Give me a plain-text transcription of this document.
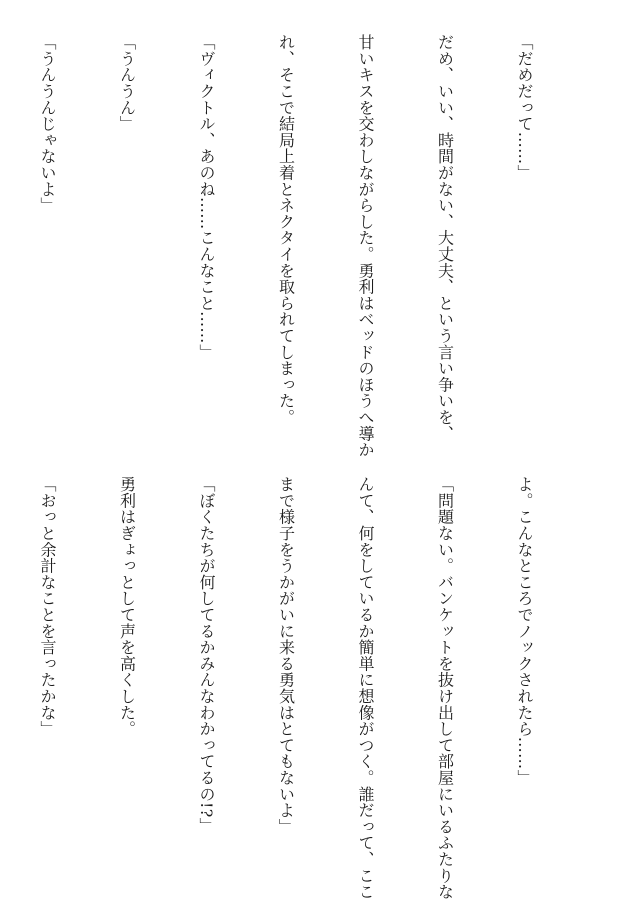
「だめだって……」

だめ、いい、時間がない、大丈夫、という言い争いを、

甘いキスを交わしながらした。勇利はベッドのほうへ導か

れ、そこで結局上着とネクタイを取られてしまった。

「ヴィクトル、あのね……こんなこと……」

「うんうん」

「うんうんじゃないよ」

よ。こんなところでノックされたら……」

「問題ない。バンケットを抜け出して部屋にいるふたりな

んて、何をしているか簡単に想像がつく。誰だって、ここ

まで様子をうかがいに来る勇気はとてもないよ」

「ぼくたちが何してるかみんなわかってるの!?」

勇利はぎょっとして声を高くした。

「おっと余計なことを言ったかな」
